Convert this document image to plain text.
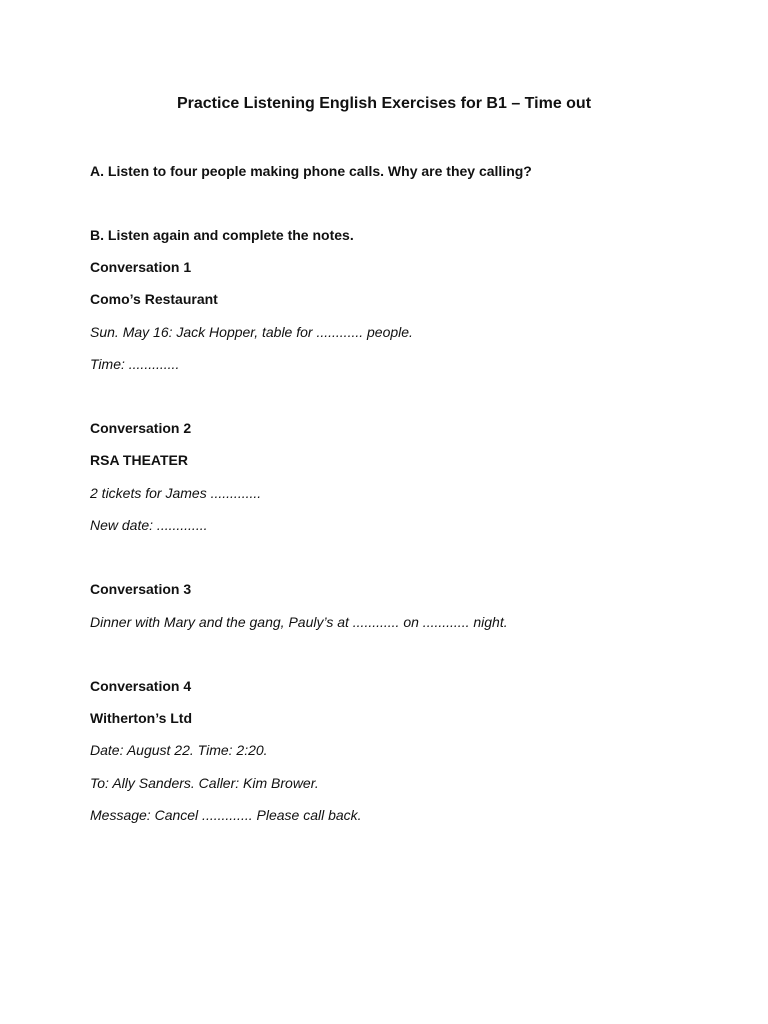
Practice Listening English Exercises for B1 – Time out
A. Listen to four people making phone calls. Why are they calling?
B. Listen again and complete the notes.
Conversation 1
Como’s Restaurant
Sun. May 16: Jack Hopper, table for ............ people.
Time: .............
Conversation 2
RSA THEATER
2 tickets for James .............
New date: .............
Conversation 3
Dinner with Mary and the gang, Pauly’s at ............ on ............ night.
Conversation 4
Witherton’s Ltd
Date: August 22. Time: 2:20.
To: Ally Sanders. Caller: Kim Brower.
Message: Cancel ............. Please call back.
